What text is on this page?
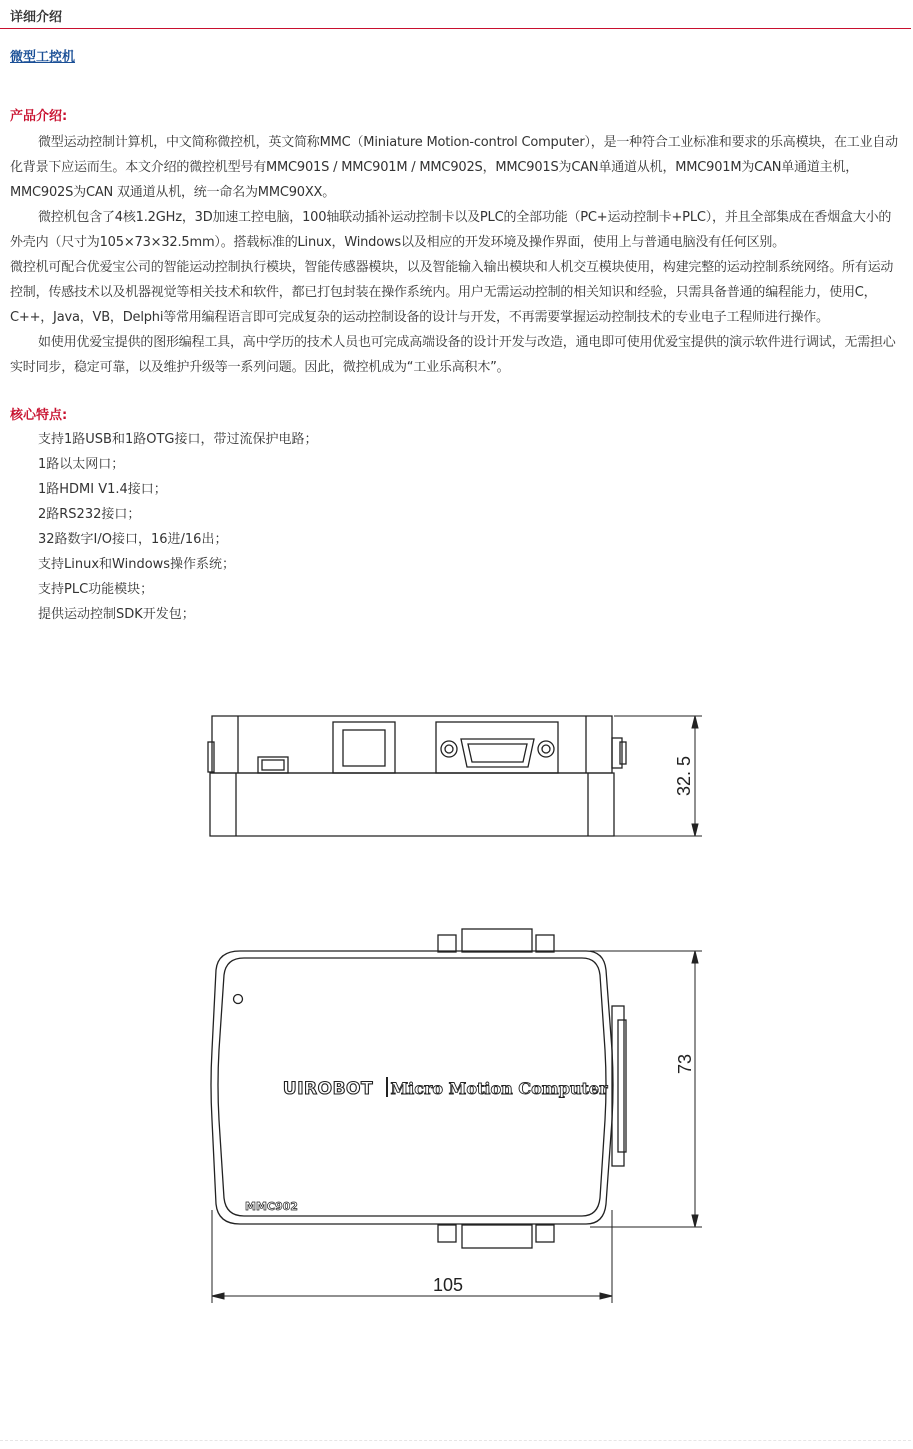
详细介绍
微型工控机

产品介绍:

微型运动控制计算机，中文简称微控机，英文简称MMC（Miniature Motion-control Computer），是一种符合工业标准和要求的乐高模块，在工业自动化背景下应运而生。本文介绍的微控机型号有MMC901S / MMC901M / MMC902S，MMC901S为CAN单通道从机，MMC901M为CAN单通道主机，MMC902S为CAN 双通道从机，统一命名为MMC90XX。

微控机包含了4核1.2GHz，3D加速工控电脑，100轴联动插补运动控制卡以及PLC的全部功能（PC+运动控制卡+PLC），并且全部集成在香烟盒大小的外壳内（尺寸为105×73×32.5mm）。搭载标准的Linux，Windows以及相应的开发环境及操作界面，使用上与普通电脑没有任何区别。

微控机可配合优爱宝公司的智能运动控制执行模块，智能传感器模块，以及智能输入输出模块和人机交互模块使用，构建完整的运动控制系统网络。所有运动控制，传感技术以及机器视觉等相关技术和软件，都已打包封装在操作系统内。用户无需运动控制的相关知识和经验，只需具备普通的编程能力，使用C，C++，Java，VB，Delphi等常用编程语言即可完成复杂的运动控制设备的设计与开发，不再需要掌握运动控制技术的专业电子工程师进行操作。

如使用优爱宝提供的图形编程工具，高中学历的技术人员也可完成高端设备的设计开发与改造，通电即可使用优爱宝提供的演示软件进行调试，无需担心实时同步，稳定可靠，以及维护升级等一系列问题。因此，微控机成为“工业乐高积木”。

核心特点:

支持1路USB和1路OTG接口，带过流保护电路；
1路以太网口；
1路HDMI V1.4接口；
2路RS232接口；
32路数字I/O接口，16进/16出；
支持Linux和Windows操作系统；
支持PLC功能模块；
提供运动控制SDK开发包；
32. 5
UIROBOT Micro Motion Computer
MMC902
73
105
